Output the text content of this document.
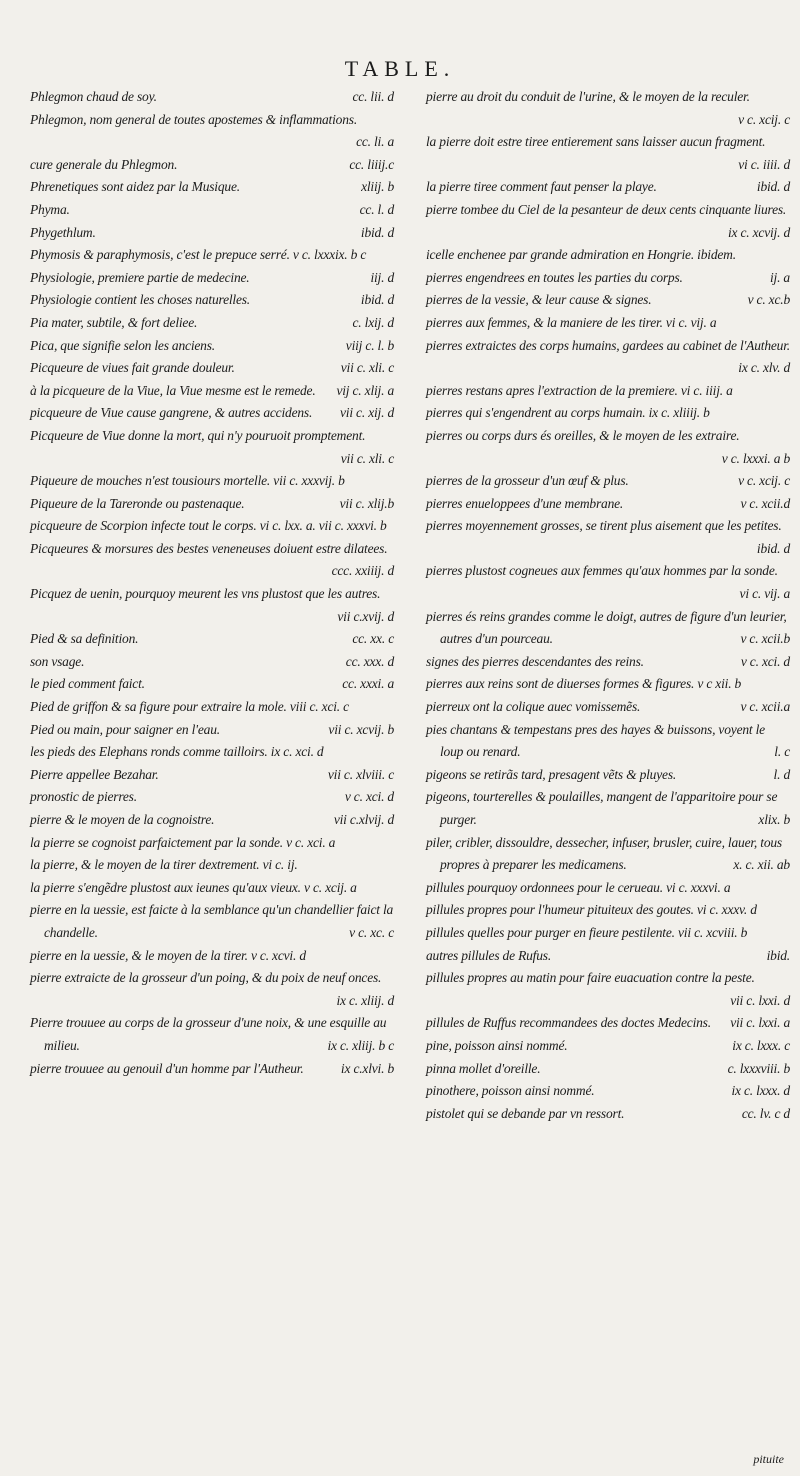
TABLE.
Phlegmon chaud de soy.	cc. lii. d
Phlegmon, nom general de toutes apostemes & inflammations.
cc. li. a
cure generale du Phlegmon.	cc. liiij.c
Phrenetiques sont aidez par la Musique.	xliij. b
Phyma.	cc. l. d
Phygethlum.	ibid. d
Phymosis & paraphymosis, c'est le prepuce serré. v c. lxxxix. b c
Physiologie, premiere partie de medecine.	iij. d
Physiologie contient les choses naturelles.	ibid. d
Pia mater, subtile, & fort deliee.	c. lxij. d
Pica, que signifie selon les anciens.	viij c. l. b
Picqueure de viues fait grande douleur.	vii c. xli. c
à la picqueure de la Viue, la Viue mesme est le remede. vij c. xlij. a
picqueure de Viue cause gangrene, & autres accidens. vii c. xij. d
Picqueure de Viue donne la mort, qui n'y pouruoit promptement.
vii c. xli. c
Piqueure de mouches n'est tousiours mortelle. vii c. xxxvij. b
Piqueure de la Tareronde ou pastenaque.	vii c. xlij.b
picqueure de Scorpion infecte tout le corps. vi c. lxx. a. vii c. xxxvi. b
Picqueures & morsures des bestes veneneuses doiuent estre dilatees.
ccc. xxiiij. d
Picquez de uenin, pourquoy meurent les vns plustost que les autres.
vii c.xvij. d
Pied & sa definition.	cc. xx. c
son vsage.	cc. xxx. d
le pied comment faict.	cc. xxxi. a
Pied de griffon & sa figure pour extraire la mole. viii c. xci. c
Pied ou main, pour saigner en l'eau.	vii c. xcvij. b
les pieds des Elephans ronds comme tailloirs. ix c. xci. d
Pierre appellee Bezahar.	vii c. xlviii. c
pronostic de pierres.	v c. xci. d
pierre & le moyen de la cognoistre.	vii c.xlvij. d
la pierre se cognoist parfaictement par la sonde. v c. xci. a
la pierre, & le moyen de la tirer dextrement. vi c. ij.
la pierre s'engẽdre plustost aux ieunes qu'aux vieux. v c. xcij. a
pierre en la uessie, est faicte à la semblance qu'un chandellier faict la chandelle.	v c. xc. c
pierre en la uessie, & le moyen de la tirer. v c. xcvi. d
pierre extraicte de la grosseur d'un poing, & du poix de neuf onces.
ix c. xliij. d
Pierre trouuee au corps de la grosseur d'une noix, & une esquille au milieu.	ix c. xliij. b c
pierre trouuee au genouil d'un homme par l'Autheur.	ix c.xlvi. b
pierre au droit du conduit de l'urine, & le moyen de la reculer.
v c. xcij. c
la pierre doit estre tiree entierement sans laisser aucun fragment.
vi c. iiii. d
la pierre tiree comment faut penser la playe.	ibid. d
pierre tombee du Ciel de la pesanteur de deux cents cinquante liures.
ix c. xcvij. d
icelle enchenee par grande admiration en Hongrie. ibidem.
pierres engendrees en toutes les parties du corps.	ij. a
pierres de la vessie, & leur cause & signes.	v c. xc.b
pierres aux femmes, & la maniere de les tirer. vi c. vij. a
pierres extraictes des corps humains, gardees au cabinet de l'Autheur.
ix c. xlv. d
pierres restans apres l'extraction de la premiere. vi c. iiij. a
pierres qui s'engendrent au corps humain. ix c. xliiij. b
pierres ou corps durs és oreilles, & le moyen de les extraire.
v c. lxxxi. a b
pierres de la grosseur d'un œuf & plus.	v c. xcij. c
pierres enueloppees d'une membrane.	v c. xcii.d
pierres moyennement grosses, se tirent plus aisement que les petites.
ibid. d
pierres plustost cogneues aux femmes qu'aux hommes par la sonde.
vi c. vij. a
pierres és reins grandes comme le doigt, autres de figure d'un leurier, autres d'un pourceau.	v c. xcii.b
signes des pierres descendantes des reins.	v c. xci. d
pierres aux reins sont de diuerses formes & figures. v c xii. b
pierreux ont la colique auec vomissemẽs.	v c. xcii.a
pies chantans & tempestans pres des hayes & buissons, voyent le loup ou renard.	l. c
pigeons se retirãs tard, presagent vẽts & pluyes.	l. d
pigeons, tourterelles & poulailles, mangent de l'apparitoire pour se purger.	xlix. b
piler, cribler, dissouldre, dessecher, infuser, brusler, cuire, lauer, tous propres à preparer les medicamens.	x. c. xii. ab
pillules pourquoy ordonnees pour le cerueau. vi c. xxxvi. a
pillules propres pour l'humeur pituiteux des goutes. vi c. xxxv. d
pillules quelles pour purger en fieure pestilente. vii c. xcviii. b
autres pillules de Rufus.	ibid.
pillules propres au matin pour faire euacuation contre la peste.
vii c. lxxi. d
pillules de Ruffus recommandees des doctes Medecins. vii c. lxxi. a
pine, poisson ainsi nommé.	ix c. lxxx. c
pinna mollet d'oreille.	c. lxxxviii. b
pinothere, poisson ainsi nommé.	ix c. lxxx. d
pistolet qui se debande par vn ressort.	cc. lv. c d
pituite
